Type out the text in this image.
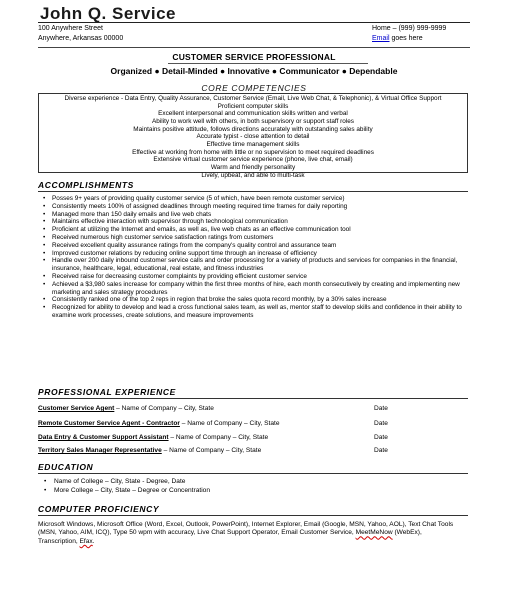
John Q. Service
100 Anywhere Street
Anywhere, Arkansas 00000
Home – (999) 999-9999
Email goes here
CUSTOMER SERVICE PROFESSIONAL
Organized ● Detail-Minded ● Innovative ● Communicator ● Dependable
CORE COMPETENCIES
Diverse experience - Data Entry, Quality Assurance, Customer Service (Email, Live Web Chat, & Telephonic), & Virtual Office Support
Proficient computer skills
Excellent interpersonal and communication skills written and verbal
Ability to work well with others, in both supervisory or support staff roles
Maintains positive attitude, follows directions accurately with outstanding sales ability
Accurate typist - close attention to detail
Effective time management skills
Effective at working from home with little or no supervision to meet required deadlines
Extensive virtual customer service experience (phone, live chat, email)
Warm and friendly personality
Lively, upbeat, and able to multi-task
ACCOMPLISHMENTS
• Posses 9+ years of providing quality customer service (5 of which, have been remote customer service)
• Consistently meets 100% of assigned deadlines through meeting required time frames for daily reporting
• Managed more than 150 daily emails and live web chats
• Maintains effective interaction with supervisor through technological communication
• Proficient at utilizing the Internet and emails, as well as, live web chats as an effective communication tool
• Received numerous high customer service satisfaction ratings from customers
• Received excellent quality assurance ratings from the company's quality control and assurance team
• Improved customer relations by reducing online support time through an increase of efficiency
• Handle over 200 daily inbound customer service calls and order processing for a variety of products and services for companies in the financial, insurance, healthcare, legal, educational, real estate, and fitness industries
• Received raise for decreasing customer complaints by providing efficient customer service
• Achieved a $3,980 sales increase for company within the first three months of hire, each month consecutively by creating and implementing new marketing and sales strategy procedures
• Consistently ranked one of the top 2 reps in region that broke the sales quota record monthly, by a 30% sales increase
• Recognized for ability to develop and lead a cross functional sales team, as well as, mentor staff to develop skills and confidence in their ability to examine work processes, create solutions, and measure improvements
PROFESSIONAL EXPERIENCE
Customer Service Agent – Name of Company – City, State	Date
Remote Customer Service Agent - Contractor – Name of Company – City, State	Date
Data Entry & Customer Support Assistant – Name of Company – City, State	Date
Territory Sales Manager Representative – Name of Company – City, State	Date
EDUCATION
• Name of College – City, State - Degree, Date
• More College – City, State – Degree or Concentration
COMPUTER PROFICIENCY
Microsoft Windows, Microsoft Office (Word, Excel, Outlook, PowerPoint), Internet Explorer, Email (Google, MSN, Yahoo, AOL), Text Chat Tools (MSN, Yahoo, AIM, ICQ), Type 50 wpm with accuracy, Live Chat Support Operator, Email Customer Service, MeetMeNow (WebEx), Transcription, Efax.
